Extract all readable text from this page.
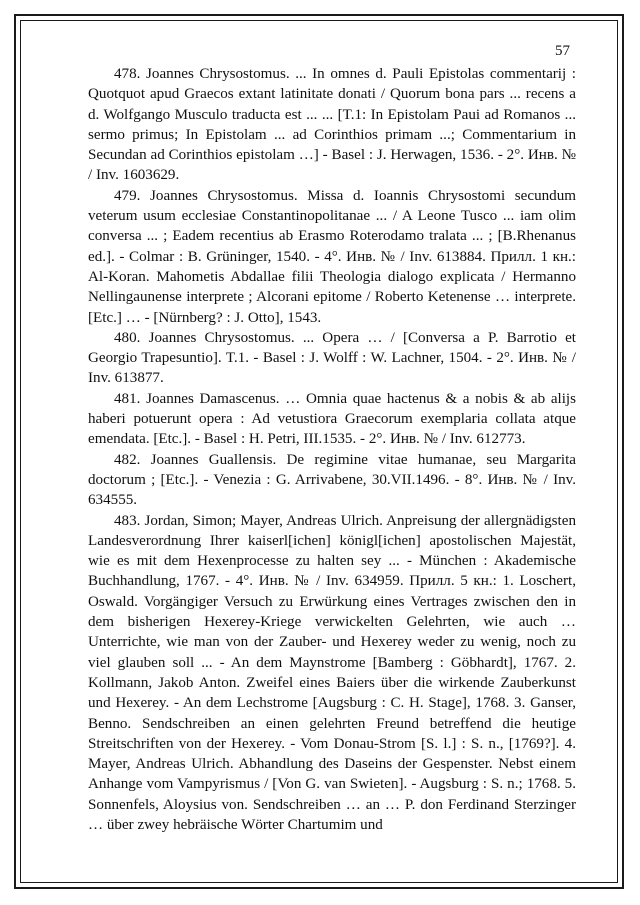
57

478. Joannes Chrysostomus. ... In omnes d. Pauli Epistolas commentarij : Quotquot apud Graecos extant latinitate donati / Quorum bona pars ... recens a d. Wolfgango Musculo traducta est ... ... [T.1: In Epistolam Paui ad Romanos ... sermo primus; In Epistolam ... ad Corinthios primam ...; Commentarium in Secundan ad Corinthios epistolam …] - Basel : J. Herwagen, 1536. - 2°. Инв. № / Inv. 1603629.

479. Joannes Chrysostomus. Missa d. Ioannis Chrysostomi secundum veterum usum ecclesiae Constantinopolitanae ... / A Leone Tusco ... iam olim conversa ... ; Eadem recentius ab Erasmo Roterodamo tralata ... ; [B.Rhenanus ed.]. - Colmar : B. Grüninger, 1540. - 4°. Инв. № / Inv. 613884. Прилл. 1 кн.: Al-Koran. Mahometis Abdallae filii Theologia dialogo explicata / Hermanno Nellingaunense interprete ; Alcorani epitome / Roberto Ketenense … interprete. [Etc.] … - [Nürnberg? : J. Otto], 1543.

480. Joannes Chrysostomus. ... Opera … / [Conversa a P. Barrotio et Georgio Trapesuntio]. T.1. - Basel : J. Wolff : W. Lachner, 1504. - 2°. Инв. № / Inv. 613877.

481. Joannes Damascenus. … Omnia quae hactenus & a nobis & ab alijs haberi potuerunt opera : Ad vetustiora Graecorum exemplaria collata atque emendata. [Etc.]. - Basel : H. Petri, III.1535. - 2°. Инв. № / Inv. 612773.

482. Joannes Guallensis. De regimine vitae humanae, seu Margarita doctorum ; [Etc.]. - Venezia : G. Arrivabene, 30.VII.1496. - 8°. Инв. № / Inv. 634555.

483. Jordan, Simon; Mayer, Andreas Ulrich. Anpreisung der allergnädigsten Landesverordnung Ihrer kaiserl[ichen] königl[ichen] apostolischen Majestät, wie es mit dem Hexenprocesse zu halten sey ... - München : Akademische Buchhandlung, 1767. - 4°. Инв. № / Inv. 634959. Прилл. 5 кн.: 1. Loschert, Oswald. Vorgängiger Versuch zu Erwürkung eines Vertrages zwischen den in dem bisherigen Hexerey-Kriege verwickelten Gelehrten, wie auch … Unterrichte, wie man von der Zauber- und Hexerey weder zu wenig, noch zu viel glauben soll ... - An dem Maynstrome [Bamberg : Göbhardt], 1767. 2. Kollmann, Jakob Anton. Zweifel eines Baiers über die wirkende Zauberkunst und Hexerey. - An dem Lechstrome [Augsburg : C. H. Stage], 1768. 3. Ganser, Benno. Sendschreiben an einen gelehrten Freund betreffend die heutige Streitschriften von der Hexerey. - Vom Donau-Strom [S. l.] : S. n., [1769?]. 4. Mayer, Andreas Ulrich. Abhandlung des Daseins der Gespenster. Nebst einem Anhange vom Vampyrismus / [Von G. van Swieten]. - Augsburg : S. n.; 1768. 5. Sonnenfels, Aloysius von. Sendschreiben … an … P. don Ferdinand Sterzinger … über zwey hebräische Wörter Chartumim und
